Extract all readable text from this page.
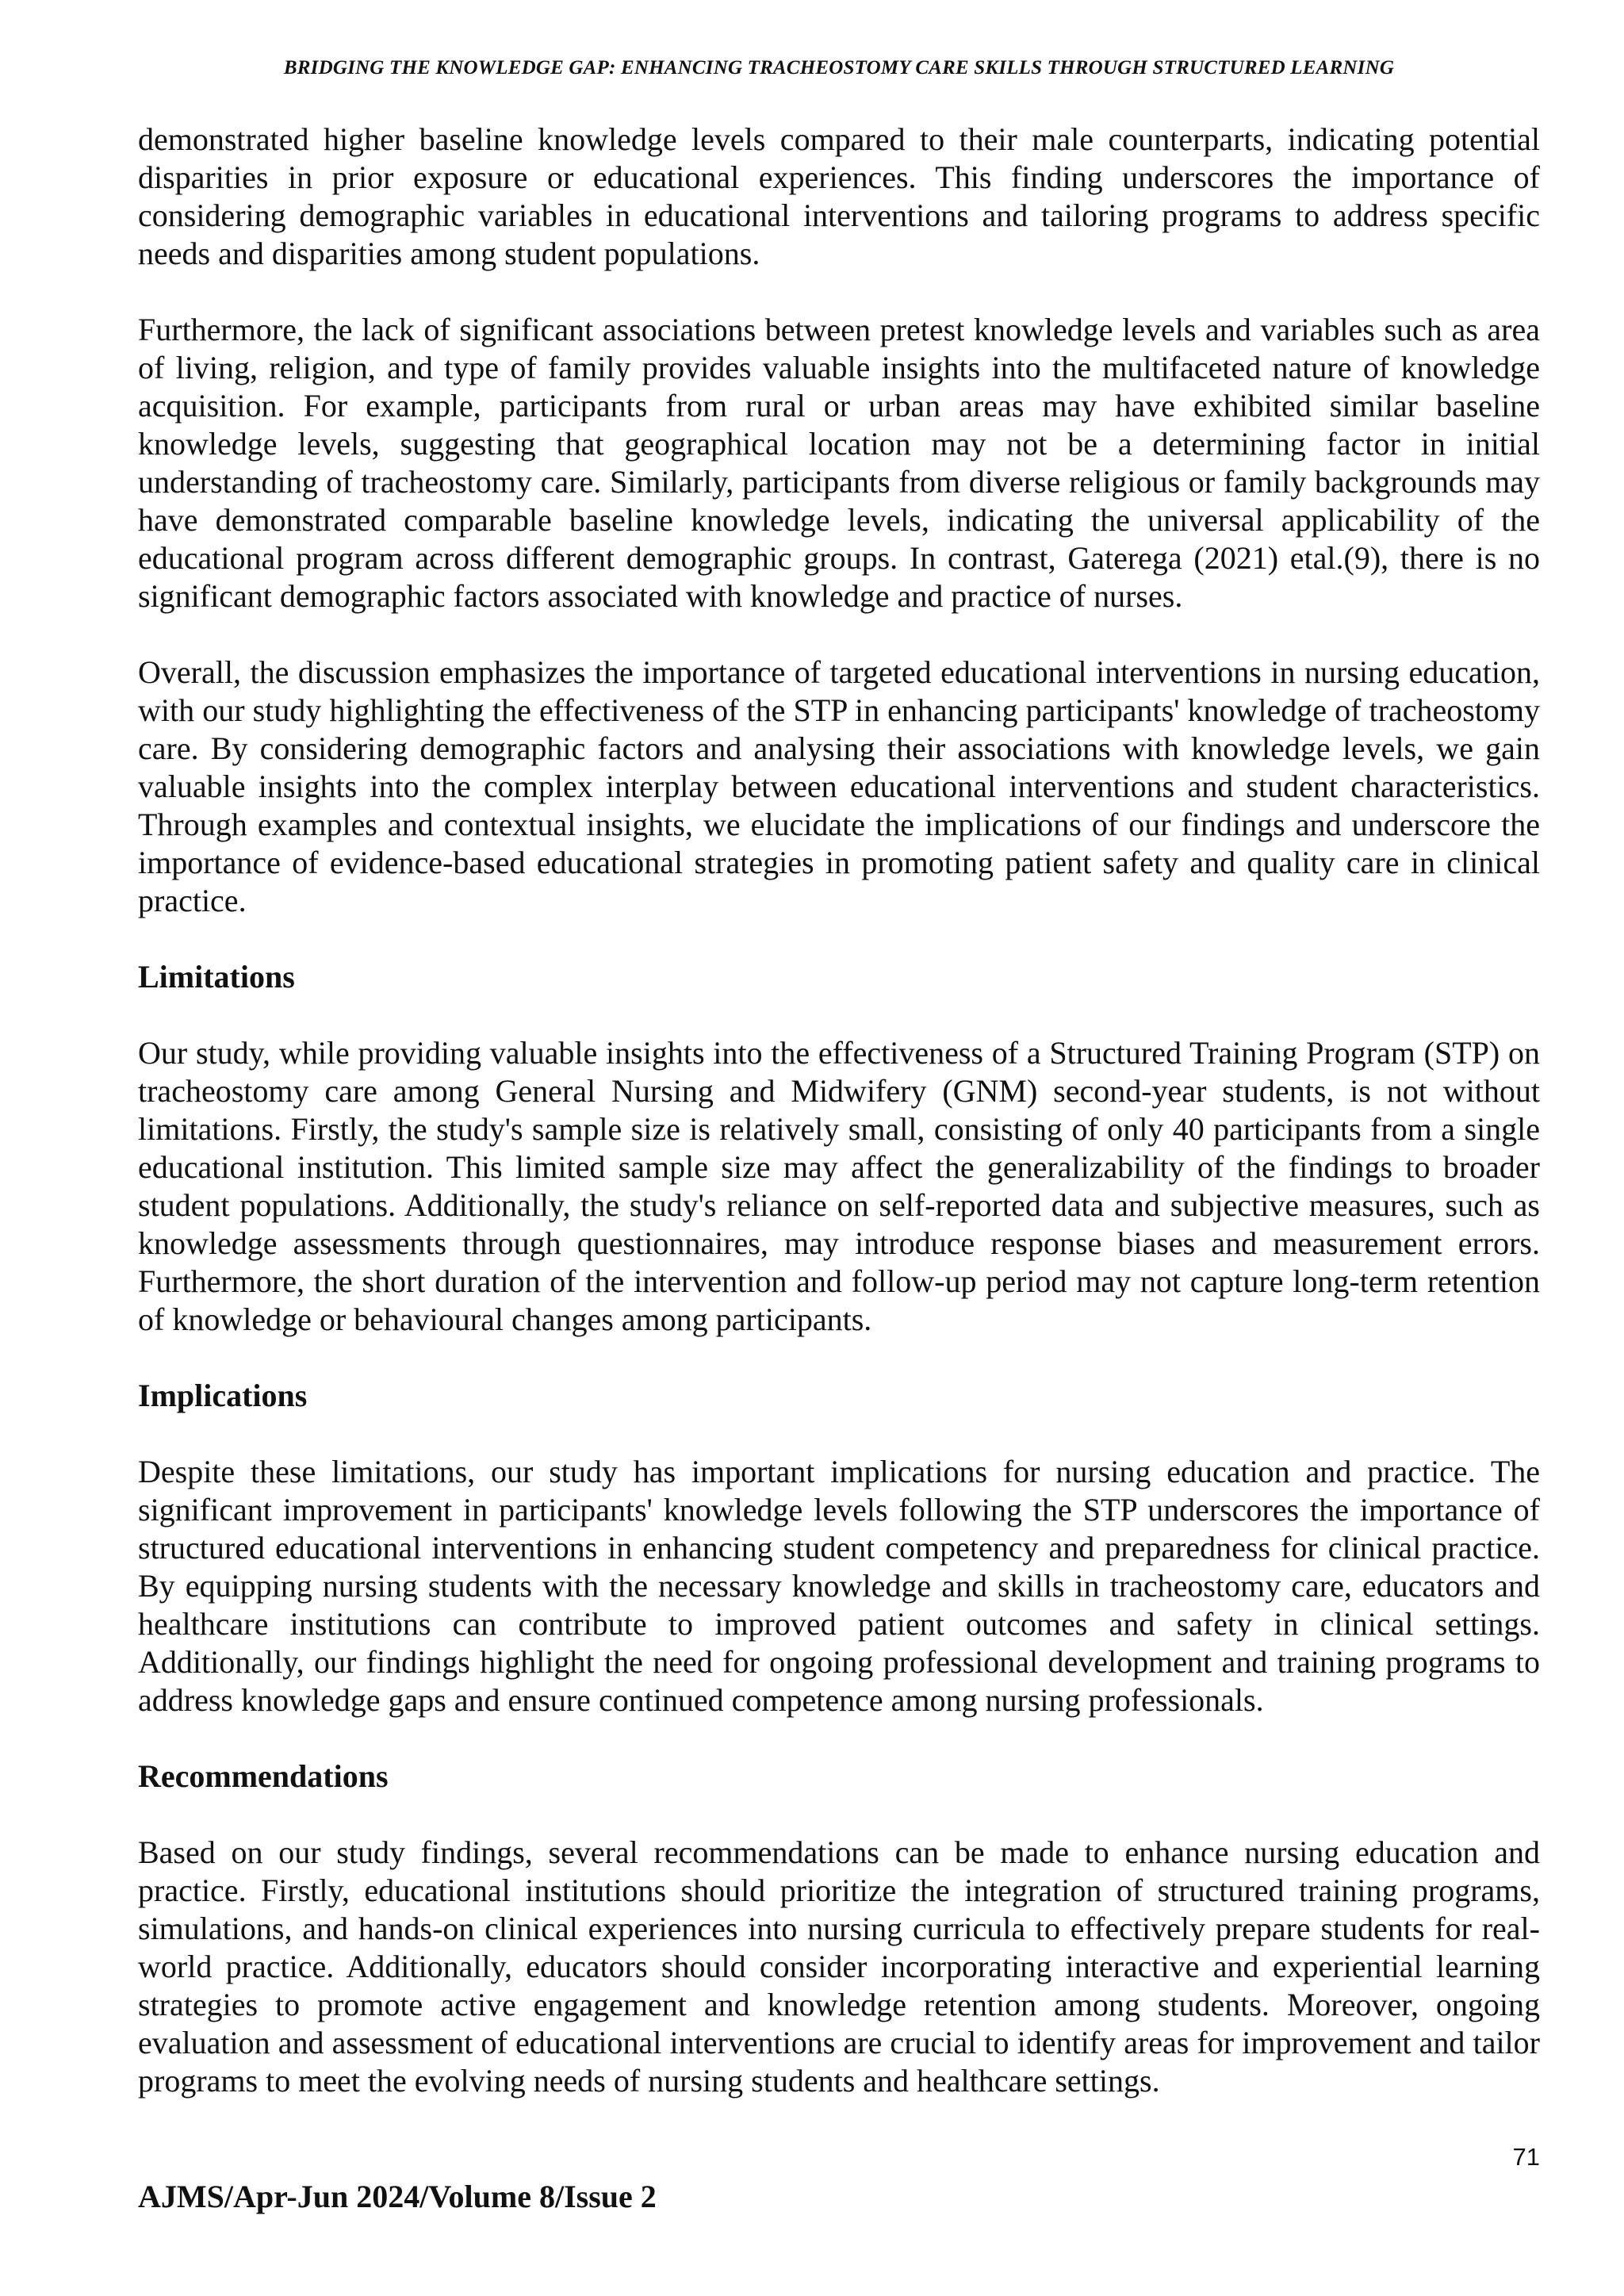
BRIDGING THE KNOWLEDGE GAP: ENHANCING TRACHEOSTOMY CARE SKILLS THROUGH STRUCTURED LEARNING

demonstrated higher baseline knowledge levels compared to their male counterparts, indicating potential disparities in prior exposure or educational experiences. This finding underscores the importance of considering demographic variables in educational interventions and tailoring programs to address specific needs and disparities among student populations.

Furthermore, the lack of significant associations between pretest knowledge levels and variables such as area of living, religion, and type of family provides valuable insights into the multifaceted nature of knowledge acquisition. For example, participants from rural or urban areas may have exhibited similar baseline knowledge levels, suggesting that geographical location may not be a determining factor in initial understanding of tracheostomy care. Similarly, participants from diverse religious or family backgrounds may have demonstrated comparable baseline knowledge levels, indicating the universal applicability of the educational program across different demographic groups. In contrast, Gaterega (2021) etal.(9), there is no significant demographic factors associated with knowledge and practice of nurses.

Overall, the discussion emphasizes the importance of targeted educational interventions in nursing education, with our study highlighting the effectiveness of the STP in enhancing participants' knowledge of tracheostomy care. By considering demographic factors and analysing their associations with knowledge levels, we gain valuable insights into the complex interplay between educational interventions and student characteristics. Through examples and contextual insights, we elucidate the implications of our findings and underscore the importance of evidence-based educational strategies in promoting patient safety and quality care in clinical practice.

Limitations

Our study, while providing valuable insights into the effectiveness of a Structured Training Program (STP) on tracheostomy care among General Nursing and Midwifery (GNM) second-year students, is not without limitations. Firstly, the study's sample size is relatively small, consisting of only 40 participants from a single educational institution. This limited sample size may affect the generalizability of the findings to broader student populations. Additionally, the study's reliance on self-reported data and subjective measures, such as knowledge assessments through questionnaires, may introduce response biases and measurement errors. Furthermore, the short duration of the intervention and follow-up period may not capture long-term retention of knowledge or behavioural changes among participants.

Implications

Despite these limitations, our study has important implications for nursing education and practice. The significant improvement in participants' knowledge levels following the STP underscores the importance of structured educational interventions in enhancing student competency and preparedness for clinical practice. By equipping nursing students with the necessary knowledge and skills in tracheostomy care, educators and healthcare institutions can contribute to improved patient outcomes and safety in clinical settings. Additionally, our findings highlight the need for ongoing professional development and training programs to address knowledge gaps and ensure continued competence among nursing professionals.

Recommendations

Based on our study findings, several recommendations can be made to enhance nursing education and practice. Firstly, educational institutions should prioritize the integration of structured training programs, simulations, and hands-on clinical experiences into nursing curricula to effectively prepare students for real-world practice. Additionally, educators should consider incorporating interactive and experiential learning strategies to promote active engagement and knowledge retention among students. Moreover, ongoing evaluation and assessment of educational interventions are crucial to identify areas for improvement and tailor programs to meet the evolving needs of nursing students and healthcare settings.

71
AJMS/Apr-Jun 2024/Volume 8/Issue 2
